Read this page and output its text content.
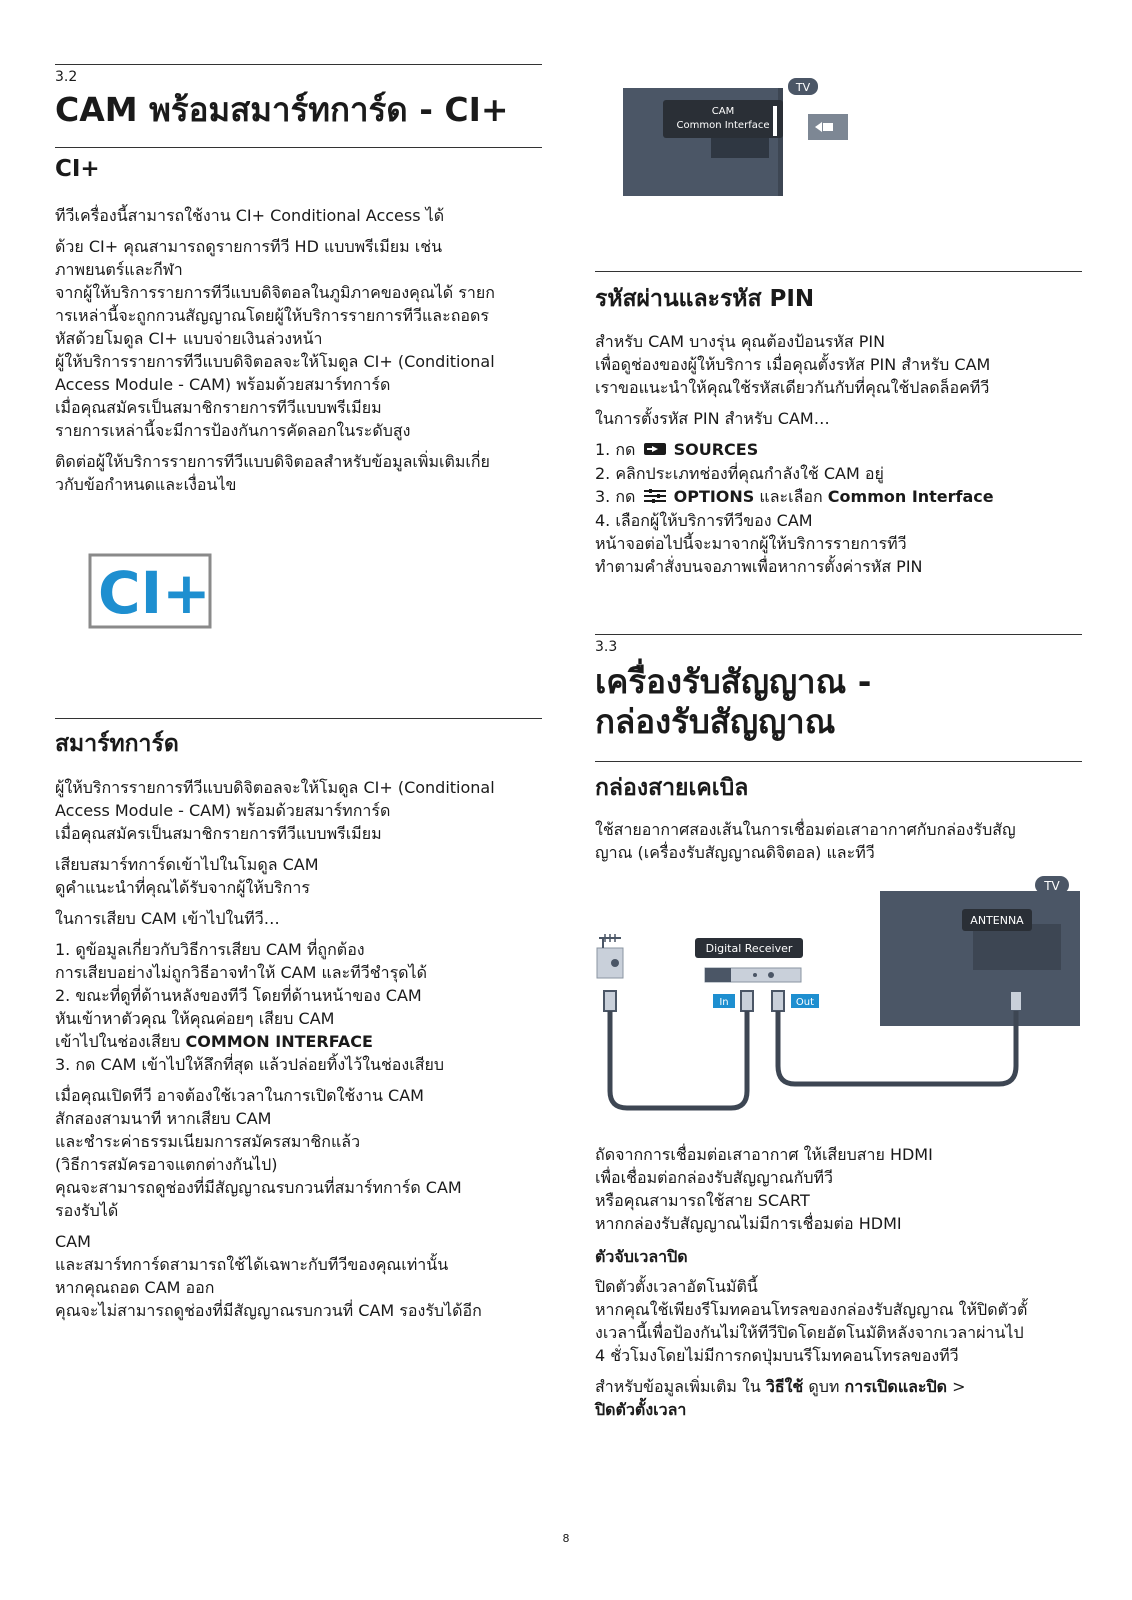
3.2
CAM พร้อมสมาร์ทการ์ด - CI+
CI+

ทีวีเครื่องนี้สามารถใช้งาน CI+ Conditional Access ได้

ด้วย CI+ คุณสามารถดูรายการทีวี HD แบบพรีเมียม เช่น
ภาพยนตร์และกีฬา
จากผู้ให้บริการรายการทีวีแบบดิจิตอลในภูมิภาคของคุณได้ รายก
ารเหล่านี้จะถูกกวนสัญญาณโดยผู้ให้บริการรายการทีวีและถอดร
หัสด้วยโมดูล CI+ แบบจ่ายเงินล่วงหน้า
ผู้ให้บริการรายการทีวีแบบดิจิตอลจะให้โมดูล CI+ (Conditional
Access Module - CAM) พร้อมด้วยสมาร์ทการ์ด
เมื่อคุณสมัครเป็นสมาชิกรายการทีวีแบบพรีเมียม
รายการเหล่านี้จะมีการป้องกันการคัดลอกในระดับสูง
ติดต่อผู้ให้บริการรายการทีวีแบบดิจิตอลสำหรับข้อมูลเพิ่มเติมเกี่ย
วกับข้อกำหนดและเงื่อนไข
CI+
สมาร์ทการ์ด
ผู้ให้บริการรายการทีวีแบบดิจิตอลจะให้โมดูล CI+ (Conditional
Access Module - CAM) พร้อมด้วยสมาร์ทการ์ด
เมื่อคุณสมัครเป็นสมาชิกรายการทีวีแบบพรีเมียม
เสียบสมาร์ทการ์ดเข้าไปในโมดูล CAM
ดูคำแนะนำที่คุณได้รับจากผู้ให้บริการ

ในการเสียบ CAM เข้าไปในทีวี…

1. ดูข้อมูลเกี่ยวกับวิธีการเสียบ CAM ที่ถูกต้อง
การเสียบอย่างไม่ถูกวิธีอาจทำให้ CAM และทีวีชำรุดได้
2. ขณะที่ดูที่ด้านหลังของทีวี โดยที่ด้านหน้าของ CAM
หันเข้าหาตัวคุณ ให้คุณค่อยๆ เสียบ CAM
เข้าไปในช่องเสียบ COMMON INTERFACE
3. กด CAM เข้าไปให้ลึกที่สุด แล้วปล่อยทิ้งไว้ในช่องเสียบ
เมื่อคุณเปิดทีวี อาจต้องใช้เวลาในการเปิดใช้งาน CAM
สักสองสามนาที หากเสียบ CAM
และชำระค่าธรรมเนียมการสมัครสมาชิกแล้ว
(วิธีการสมัครอาจแตกต่างกันไป)
คุณจะสามารถดูช่องที่มีสัญญาณรบกวนที่สมาร์ทการ์ด CAM
รองรับได้
CAM
และสมาร์ทการ์ดสามารถใช้ได้เฉพาะกับทีวีของคุณเท่านั้น
หากคุณถอด CAM ออก
คุณจะไม่สามารถดูช่องที่มีสัญญาณรบกวนที่ CAM รองรับได้อีก
CAM
Common Interface
TV
รหัสผ่านและรหัส PIN
สำหรับ CAM บางรุ่น คุณต้องป้อนรหัส PIN
เพื่อดูช่องของผู้ให้บริการ เมื่อคุณตั้งรหัส PIN สำหรับ CAM
เราขอแนะนำให้คุณใช้รหัสเดียวกันกับที่คุณใช้ปลดล็อคทีวี

ในการตั้งรหัส PIN สำหรับ CAM…

1. กด  SOURCES
2. คลิกประเภทช่องที่คุณกำลังใช้ CAM อยู่
3. กด  OPTIONS และเลือก Common Interface
4. เลือกผู้ให้บริการทีวีของ CAM
หน้าจอต่อไปนี้จะมาจากผู้ให้บริการรายการทีวี
ทำตามคำสั่งบนจอภาพเพื่อหาการตั้งค่ารหัส PIN
3.3
เครื่องรับสัญญาณ -
กล่องรับสัญญาณ
กล่องสายเคเบิล
ใช้สายอากาศสองเส้นในการเชื่อมต่อเสาอากาศกับกล่องรับสัญ
ญาณ (เครื่องรับสัญญาณดิจิตอล) และทีวี
ANTENNA
TV
Digital Receiver
In	Out
ถัดจากการเชื่อมต่อเสาอากาศ ให้เสียบสาย HDMI
เพื่อเชื่อมต่อกล่องรับสัญญาณกับทีวี
หรือคุณสามารถใช้สาย SCART
หากกล่องรับสัญญาณไม่มีการเชื่อมต่อ HDMI
ตัวจับเวลาปิด
ปิดตัวตั้งเวลาอัตโนมัตินี้
หากคุณใช้เพียงรีโมทคอนโทรลของกล่องรับสัญญาณ ให้ปิดตัวตั้
งเวลานี้เพื่อป้องกันไม่ให้ทีวีปิดโดยอัตโนมัติหลังจากเวลาผ่านไป
4 ชั่วโมงโดยไม่มีการกดปุ่มบนรีโมทคอนโทรลของทีวี
สำหรับข้อมูลเพิ่มเติม ใน วิธีใช้ ดูบท การเปิดและปิด >
ปิดตัวตั้งเวลา
8
